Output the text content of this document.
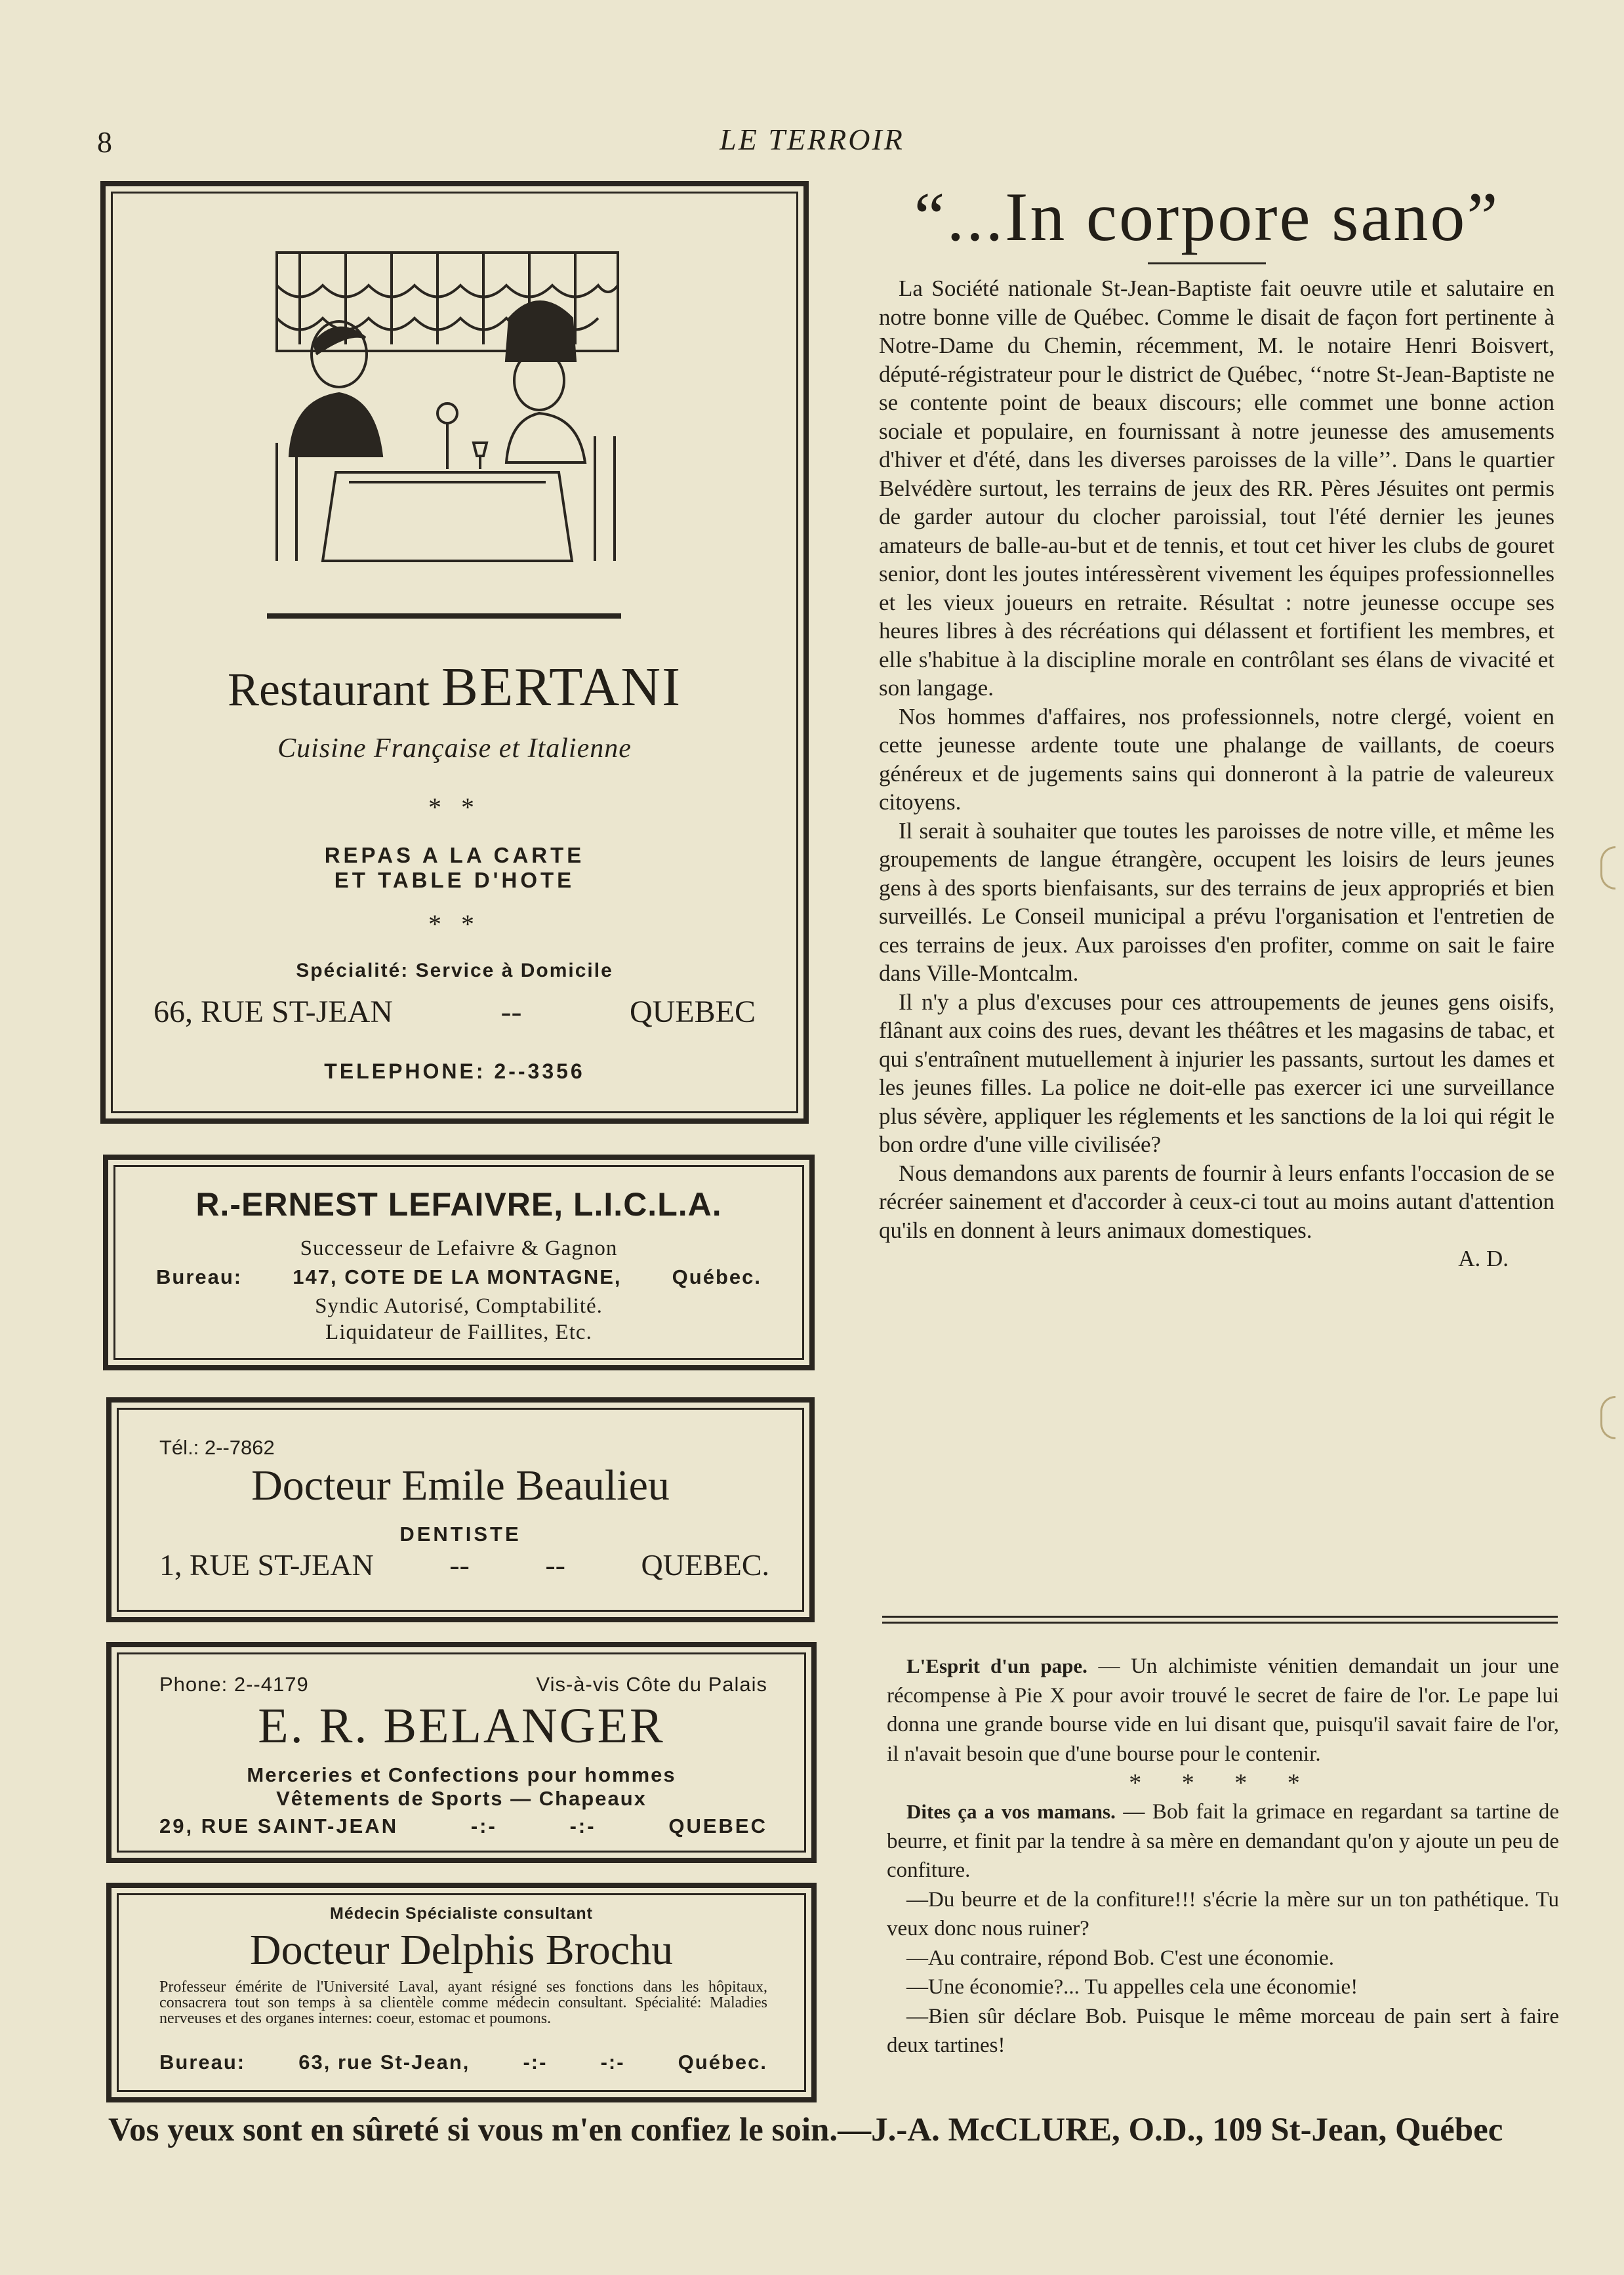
8	LE TERROIR
Restaurant BERTANI
Cuisine Française et Italienne
* *
REPAS A LA CARTE
ET TABLE D'HOTE
* *
Spécialité: Service à Domicile
66, RUE ST-JEAN	--	QUEBEC
TELEPHONE: 2--3356
R.-ERNEST LEFAIVRE, L.I.C.L.A.
Successeur de Lefaivre & Gagnon
Bureau: 147, COTE DE LA MONTAGNE, Québec.
Syndic Autorisé, Comptabilité.
Liquidateur de Faillites, Etc.
Tél.: 2--7862
Docteur Emile Beaulieu
DENTISTE
1, RUE ST-JEAN	--	--	QUEBEC.
Phone: 2--4179	Vis-à-vis Côte du Palais
E. R. BELANGER
Merceries et Confections pour hommes
Vêtements de Sports — Chapeaux
29, RUE SAINT-JEAN	-:-	-:-	QUEBEC
Médecin Spécialiste consultant
Docteur Delphis Brochu
Professeur émérite de l'Université Laval, ayant résigné ses fonctions dans les hôpitaux, consacrera tout son temps à sa clientèle comme médecin consultant. Spécialité: Maladies nerveuses et des organes internes: coeur, estomac et poumons.
Bureau:	63, rue St-Jean,	-:-	-:-	Québec.
“...In corpore sano”

La Société nationale St-Jean-Baptiste fait oeuvre utile et salutaire en notre bonne ville de Québec. Comme le disait de façon fort pertinente à Notre-Dame du Chemin, récemment, M. le notaire Henri Boisvert, député-régistrateur pour le district de Québec, ‘‘notre St-Jean-Baptiste ne se contente point de beaux discours; elle commet une bonne action sociale et populaire, en fournissant à notre jeunesse des amusements d'hiver et d'été, dans les diverses paroisses de la ville’’. Dans le quartier Belvédère surtout, les terrains de jeux des RR. Pères Jésuites ont permis de garder autour du clocher paroissial, tout l'été dernier les jeunes amateurs de balle-au-but et de tennis, et tout cet hiver les clubs de gouret senior, dont les joutes intéressèrent vivement les équipes professionnelles et les vieux joueurs en retraite. Résultat : notre jeunesse occupe ses heures libres à des récréations qui délassent et fortifient les membres, et elle s'habitue à la discipline morale en contrôlant ses élans de vivacité et son langage.

Nos hommes d'affaires, nos professionnels, notre clergé, voient en cette jeunesse ardente toute une phalange de vaillants, de coeurs généreux et de jugements sains qui donneront à la patrie de valeureux citoyens.

Il serait à souhaiter que toutes les paroisses de notre ville, et même les groupements de langue étrangère, occupent les loisirs de leurs jeunes gens à des sports bienfaisants, sur des terrains de jeux appropriés et bien surveillés. Le Conseil municipal a prévu l'organisation et l'entretien de ces terrains de jeux. Aux paroisses d'en profiter, comme on sait le faire dans Ville-Montcalm.

Il n'y a plus d'excuses pour ces attroupements de jeunes gens oisifs, flânant aux coins des rues, devant les théâtres et les magasins de tabac, et qui s'entraînent mutuellement à injurier les passants, surtout les dames et les jeunes filles. La police ne doit-elle pas exercer ici une surveillance plus sévère, appliquer les réglements et les sanctions de la loi qui régit le bon ordre d'une ville civilisée?

Nous demandons aux parents de fournir à leurs enfants l'occasion de se récréer sainement et d'accorder à ceux-ci tout au moins autant d'attention qu'ils en donnent à leurs animaux domestiques.

A. D.

L'Esprit d'un pape. — Un alchimiste vénitien demandait un jour une récompense à Pie X pour avoir trouvé le secret de faire de l'or. Le pape lui donna une grande bourse vide en lui disant que, puisqu'il savait faire de l'or, il n'avait besoin que d'une bourse pour le contenir.

* * * *

Dites ça a vos mamans. — Bob fait la grimace en regardant sa tartine de beurre, et finit par la tendre à sa mère en demandant qu'on y ajoute un peu de confiture.

—Du beurre et de la confiture!!! s'écrie la mère sur un ton pathétique. Tu veux donc nous ruiner?

—Au contraire, répond Bob. C'est une économie.

—Une économie?... Tu appelles cela une économie!

—Bien sûr déclare Bob. Puisque le même morceau de pain sert à faire deux tartines!

Vos yeux sont en sûreté si vous m'en confiez le soin.—J.-A. McCLURE, O.D., 109 St-Jean, Québec
